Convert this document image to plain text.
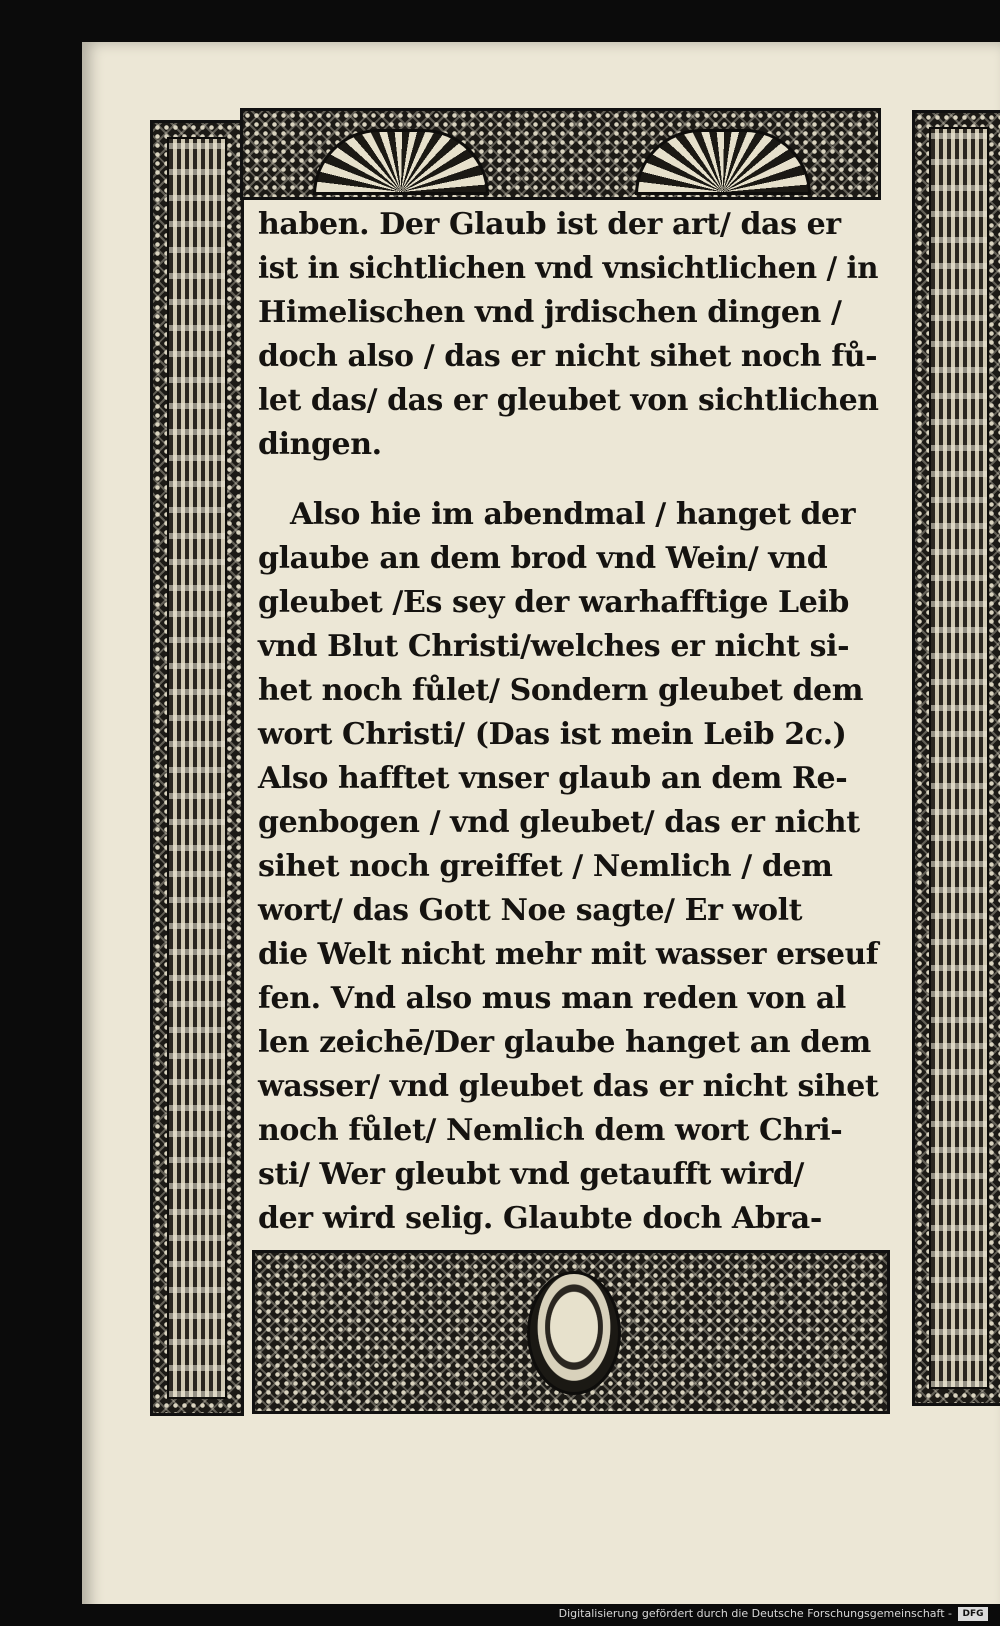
haben. Der Glaub ist der art/ das er
ist in sichtlichen vnd vnsichtlichen / in
Himelischen vnd jrdischen dingen /
doch also / das er nicht sihet noch fů-
let das/ das er gleubet von sichtlichen
dingen.
Also hie im abendmal / hanget der
glaube an dem brod vnd Wein/ vnd
gleubet /Es sey der warhafftige Leib
vnd Blut Christi/welches er nicht si-
het noch fůlet/ Sondern gleubet dem
wort Christi/ (Das ist mein Leib 2c.)
Also hafftet vnser glaub an dem Re-
genbogen / vnd gleubet/ das er nicht
sihet noch greiffet / Nemlich / dem
wort/ das Gott Noe sagte/ Er wolt
die Welt nicht mehr mit wasser erseuf
fen. Vnd also mus man reden von al
len zeichē/Der glaube hanget an dem
wasser/ vnd gleubet das er nicht sihet
noch fůlet/ Nemlich dem wort Chri-
sti/ Wer gleubt vnd getaufft wird/
der wird selig. Glaubte doch Abra-
Digitalisierung gefördert durch die Deutsche Forschungsgemeinschaft -	DFG
